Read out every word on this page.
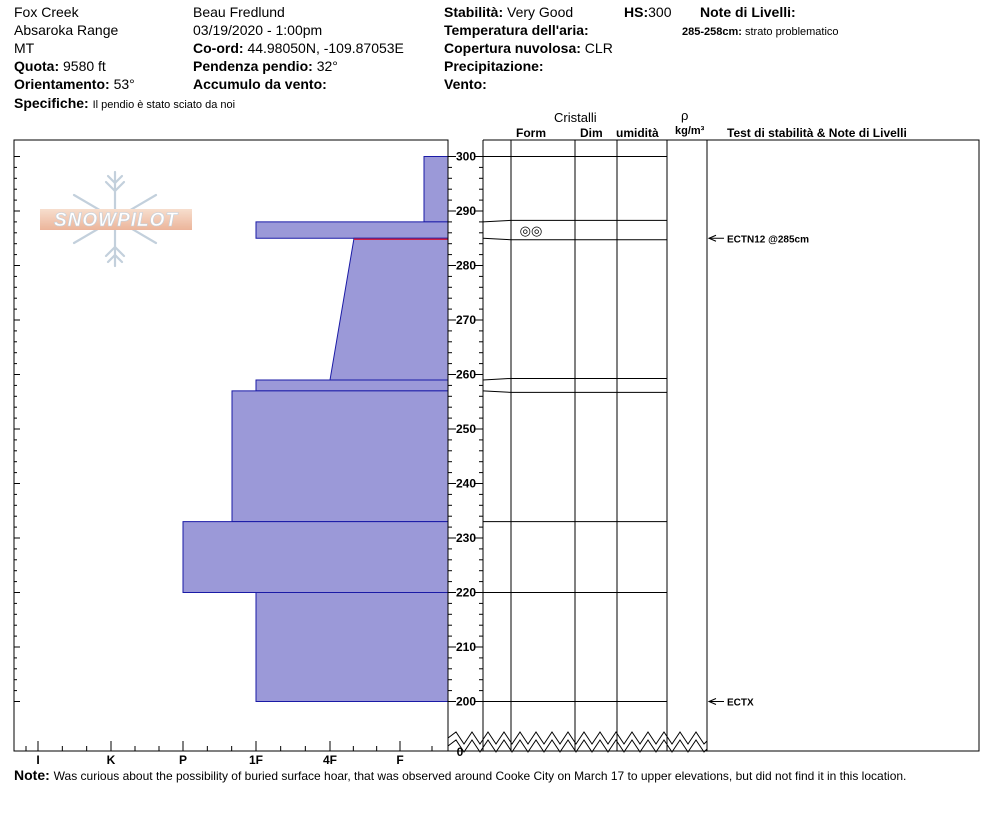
Fox Creek
Absaroka Range
MT
Quota: 9580 ft
Orientamento: 53°
Specifiche: Il pendio è stato sciato da noi
Beau Fredlund
03/19/2020 - 1:00pm
Co-ord: 44.98050N, -109.87053E
Pendenza pendio: 32°
Accumulo da vento:
Stabilità: Very Good
Temperatura dell'aria:
Copertura nuvolosa: CLR
Precipitazione:
Vento:
HS:300 Note di Livelli:
285-258cm: strato problematico
Cristalli
Form	Dim umidità
ρ
kg/m³ Test di stabilità & Note di Livelli
SNOWPILOT
I	K	P	1F	4F	F
300
290
280
270
260
250
240
230
220
210
200
0
◎◎
ECTN12 @285cm
ECTX
Note: Was curious about the possibility of buried surface hoar, that was observed around Cooke City on March 17 to upper elevations, but did not find it in this location.
